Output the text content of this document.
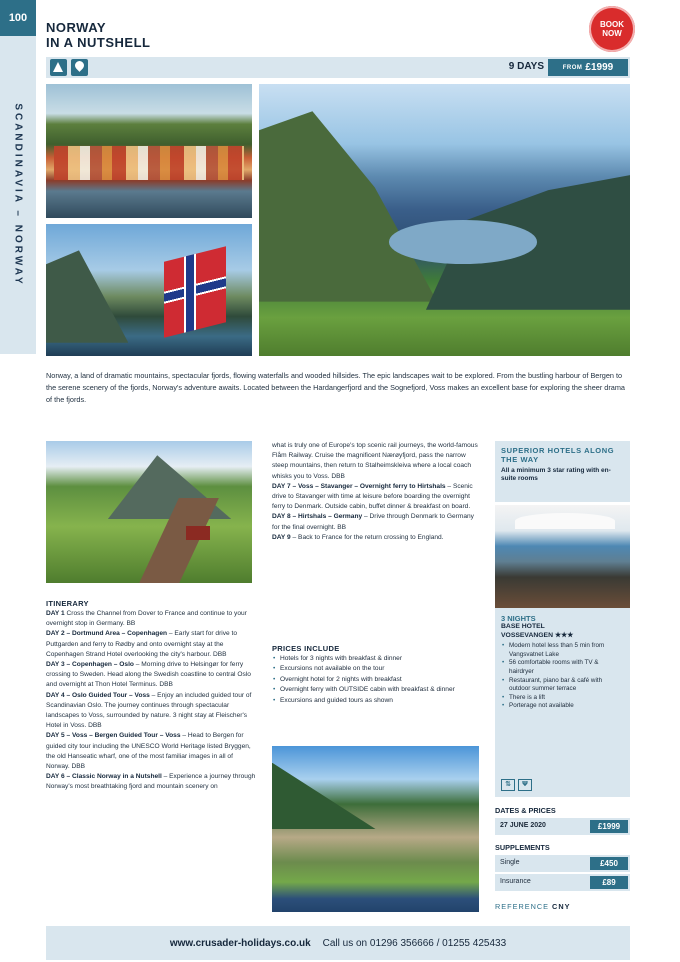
100
SCANDINAVIA – NORWAY
NORWAY
IN A NUTSHELL
BOOK
NOW
9 DAYS	FROM £1999

Norway, a land of dramatic mountains, spectacular fjords, flowing waterfalls and wooded hillsides. The epic landscapes wait to be explored. From the bustling harbour of Bergen to the serene scenery of the fjords, Norway's adventure awaits. Located between the Hardangerfjord and the Sognefjord, Voss makes an excellent base for exploring the sheer drama of the fjords.

ITINERARY

DAY 1 Cross the Channel from Dover to France and continue to your overnight stop in Germany. BB

DAY 2 – Dortmund Area – Copenhagen – Early start for drive to Puttgarden and ferry to Rødby and onto overnight stay at the Copenhagen Strand Hotel overlooking the city's harbour. DBB

DAY 3 – Copenhagen – Oslo – Morning drive to Helsingør for ferry crossing to Sweden. Head along the Swedish coastline to central Oslo and overnight at Thon Hotel Terminus. DBB

DAY 4 – Oslo Guided Tour – Voss – Enjoy an included guided tour of Scandinavian Oslo. The journey continues through spectacular landscapes to Voss, surrounded by nature. 3 night stay at Fleischer's Hotel in Voss. DBB

DAY 5 – Voss – Bergen Guided Tour – Voss – Head to Bergen for guided city tour including the UNESCO World Heritage listed Bryggen, the old Hanseatic wharf, one of the most familiar images in all of Norway. DBB

DAY 6 – Classic Norway in a Nutshell – Experience a journey through Norway's most breathtaking fjord and mountain scenery on

what is truly one of Europe's top scenic rail journeys, the world-famous Flåm Railway. Cruise the magnificent Nærøyfjord, pass the narrow steep mountains, then return to Stalheimskleiva where a local coach whisks you to Voss. DBB

DAY 7 – Voss – Stavanger – Overnight ferry to Hirtshals – Scenic drive to Stavanger with time at leisure before boarding the overnight ferry to Denmark. Outside cabin, buffet dinner & breakfast on board.

DAY 8 – Hirtshals – Germany – Drive through Denmark to Germany for the final overnight. BB

DAY 9 – Back to France for the return crossing to England.

PRICES INCLUDE
• Hotels for 3 nights with breakfast & dinner
• Excursions not available on the tour
• Overnight hotel for 2 nights with breakfast
• Overnight ferry with OUTSIDE cabin with breakfast & dinner
• Excursions and guided tours as shown
SUPERIOR HOTELS ALONG THE WAY
All a minimum 3 star rating with en-suite rooms
3 NIGHTS
BASE HOTEL
VOSSEVANGEN ★★★
• Modern hotel less than 5 min from Vangsvatnet Lake
• 56 comfortable rooms with TV & hairdryer
• Restaurant, piano bar & café with outdoor summer terrace
• There is a lift
• Porterage not available
⇅	Ψ
DATES & PRICES
27 JUNE 2020	£1999
SUPPLEMENTS
Single	£450
Insurance	£89
REFERENCE CNY
www.crusader-holidays.co.uk Call us on 01296 356666 / 01255 425433
